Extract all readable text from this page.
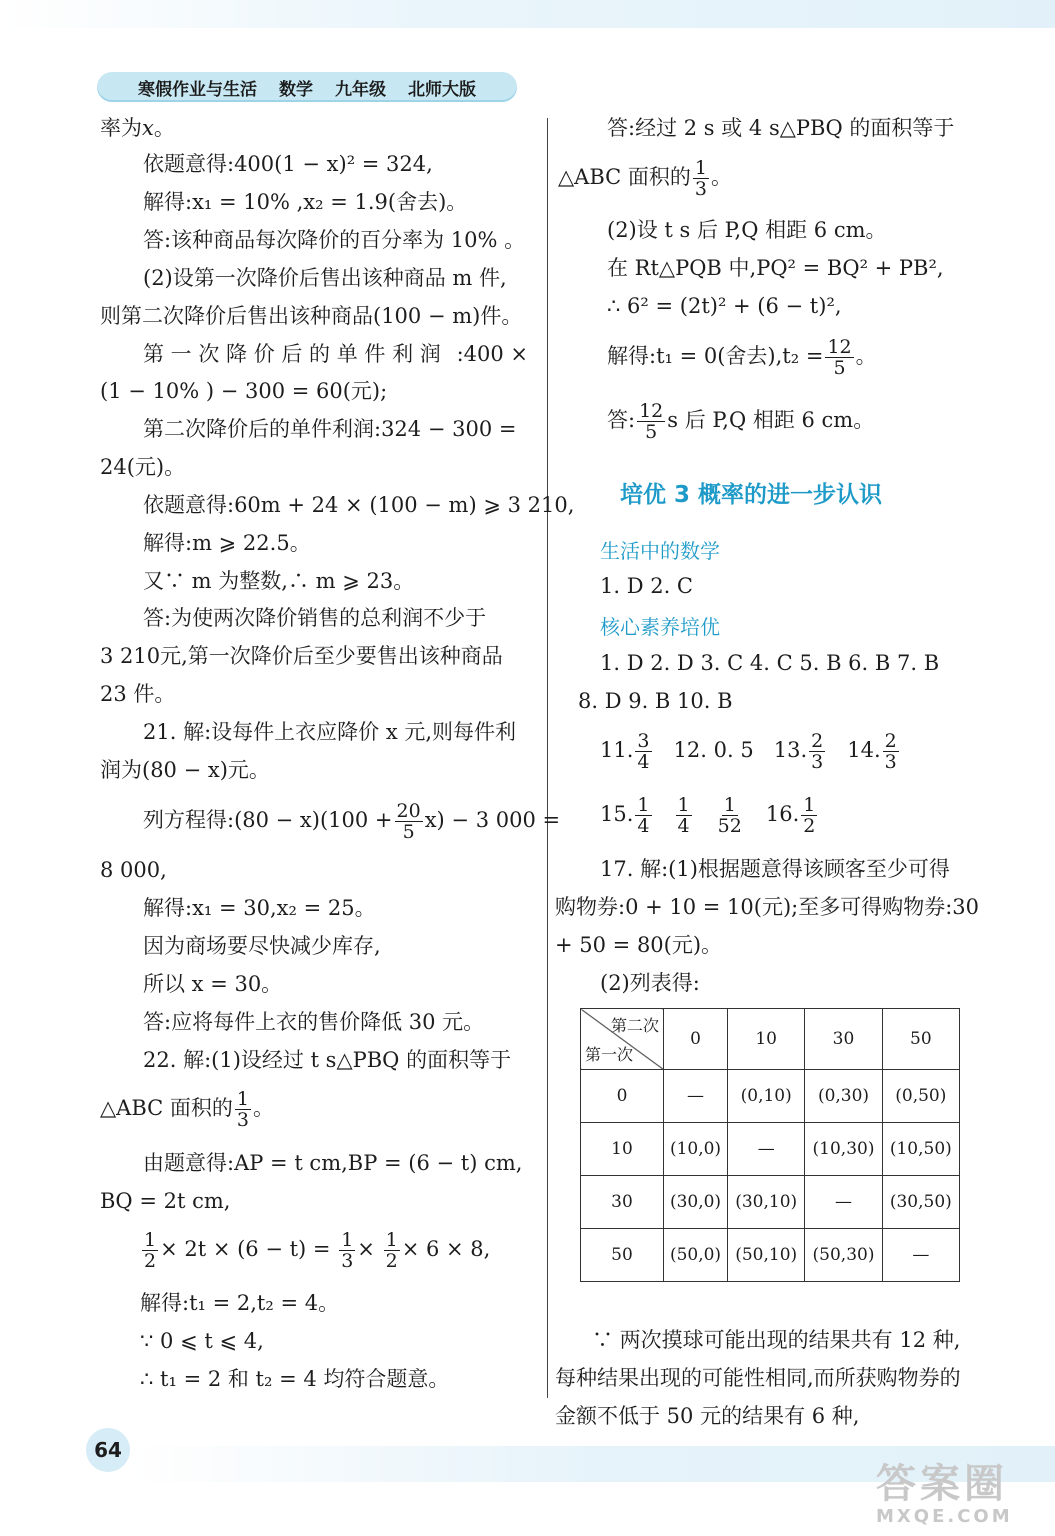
寒假作业与生活 数学 九年级 北师大版
率为x。
依题意得:400(1 − x)² = 324,
解得:x₁ = 10% ,x₂ = 1.9(舍去)。
答:该种商品每次降价的百分率为 10% 。
(2)设第一次降价后售出该种商品 m 件,
则第二次降价后售出该种商品(100 − m)件。
第 一 次 降 价 后 的 单 件 利 润 :400 ×
(1 − 10% ) − 300 = 60(元);
第二次降价后的单件利润:324 − 300 =
24(元)。
依题意得:60m + 24 × (100 − m) ⩾ 3 210,
解得:m ⩾ 22.5。
又∵ m 为整数,∴ m ⩾ 23。
答:为使两次降价销售的总利润不少于
3 210元,第一次降价后至少要售出该种商品
23 件。
21. 解:设每件上衣应降价 x 元,则每件利
润为(80 − x)元。
列方程得:(80 − $x)(100 + \frac{20}{5} x) - 3$ 000 =
8 000,
解得:x₁ = 30,x₂ = 25。
因为商场要尽快减少库存,
所以 x = 30。
答:应将每件上衣的售价降低 30 元。
22. 解:(1)设经过 t s△PBQ 的面积等于
△ABC 面积的 $\frac{1}{3}$ 。
由题意得:AP = t cm,BP = (6 − t) cm,
BQ = 2t cm,
$\frac{1}{2} \times 2t \times (6 - t) = \frac{1}{3} \times \frac{1}{2} \times 6 \times 8$,
解得:t₁ = 2,t₂ = 4。
∵ 0 ⩽ t ⩽ 4,
∴ t₁ = 2 和 t₂ = 4 均符合题意。
答:经过 2 s 或 4 s△PBQ 的面积等于
△ABC 面积的 $\frac{1}{3}$ 。
(2)设 t s 后 P,Q 相距 6 cm。
在 Rt△PQB 中,PQ² = BQ² + PB²,
∴ 6² = (2t)² + (6 − t)²,
解得:t₁ = 0(舍去)$,t_2 = \frac{12}{5}$ 。
答: $\frac{12}{5}$ s 后 P,Q 相距 6 cm。
培优 3 概率的进一步认识
生活中的数学
1. D 2. C
核心素养培优
1. D 2. D 3. C 4. C 5. B 6. B 7. B
8. D 9. B 10. B
11. $\frac{3}{4} 12$. 0. 5 13. $\frac{2}{3} 14$. $\frac{2}{3}$
15. $\frac{1}{4}$
$\frac{1}{4}$
$\frac{1}{52} 16$. $\frac{1}{2}$
17. 解:(1)根据题意得该顾客至少可得
购物券:0 + 10 = 10(元);至多可得购物券:30
+ 50 = 80(元)。
(2)列表得:
第二次
第一次	0	10	30	50
0	—	(0,10)	(0,30)	(0,50)
10	(10,0)	—	(10,30)	(10,50)
30	(30,0)	(30,10)	—	(30,50)
50	(50,0)	(50,10)	(50,30)	—
∵ 两次摸球可能出现的结果共有 12 种,
每种结果出现的可能性相同,而所获购物券的
金额不低于 50 元的结果有 6 种,
64
答案圈
MXQE.COM
